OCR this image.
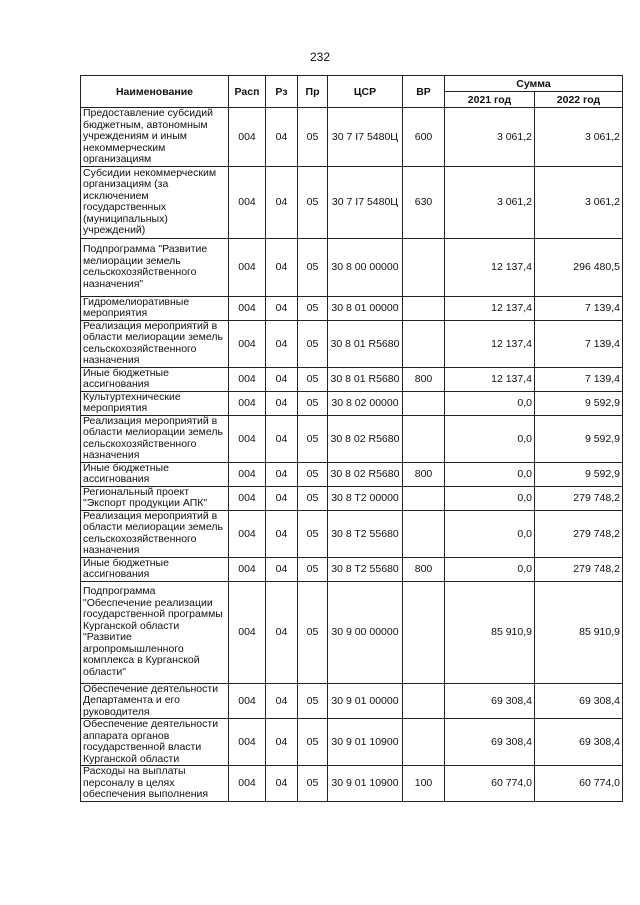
232
Наименование	Расп	Рз	Пр	ЦСР	ВР	Сумма	
						2021 год	2022 год
Предоставление субсидий бюджетным, автономным учреждениям и иным некоммерческим организациям	004	04	05	30 7 I7 5480Ц	600	3 061,2	3 061,2
Субсидии некоммерческим организациям (за исключением государственных (муниципальных) учреждений)	004	04	05	30 7 I7 5480Ц	630	3 061,2	3 061,2
Подпрограмма "Развитие мелиорации земель сельскохозяйственного назначения"	004	04	05	30 8 00 00000		12 137,4	296 480,5
Гидромелиоративные мероприятия	004	04	05	30 8 01 00000		12 137,4	7 139,4
Реализация мероприятий в области мелиорации земель сельскохозяйственного назначения	004	04	05	30 8 01 R5680		12 137,4	7 139,4
Иные бюджетные ассигнования	004	04	05	30 8 01 R5680	800	12 137,4	7 139,4
Культуртехнические мероприятия	004	04	05	30 8 02 00000		0,0	9 592,9
Реализация мероприятий в области мелиорации земель сельскохозяйственного назначения	004	04	05	30 8 02 R5680		0,0	9 592,9
Иные бюджетные ассигнования	004	04	05	30 8 02 R5680	800	0,0	9 592,9
Региональный проект "Экспорт продукции АПК"	004	04	05	30 8 T2 00000		0,0	279 748,2
Реализация мероприятий в области мелиорации земель сельскохозяйственного назначения	004	04	05	30 8 T2 55680		0,0	279 748,2
Иные бюджетные ассигнования	004	04	05	30 8 T2 55680	800	0,0	279 748,2
Подпрограмма "Обеспечение реализации государственной программы Курганской области "Развитие агропромышленного комплекса в Курганской области"	004	04	05	30 9 00 00000		85 910,9	85 910,9
Обеспечение деятельности Департамента и его руководителя	004	04	05	30 9 01 00000		69 308,4	69 308,4
Обеспечение деятельности аппарата органов государственной власти Курганской области	004	04	05	30 9 01 10900		69 308,4	69 308,4
Расходы на выплаты персоналу в целях обеспечения выполнения	004	04	05	30 9 01 10900	100	60 774,0	60 774,0
